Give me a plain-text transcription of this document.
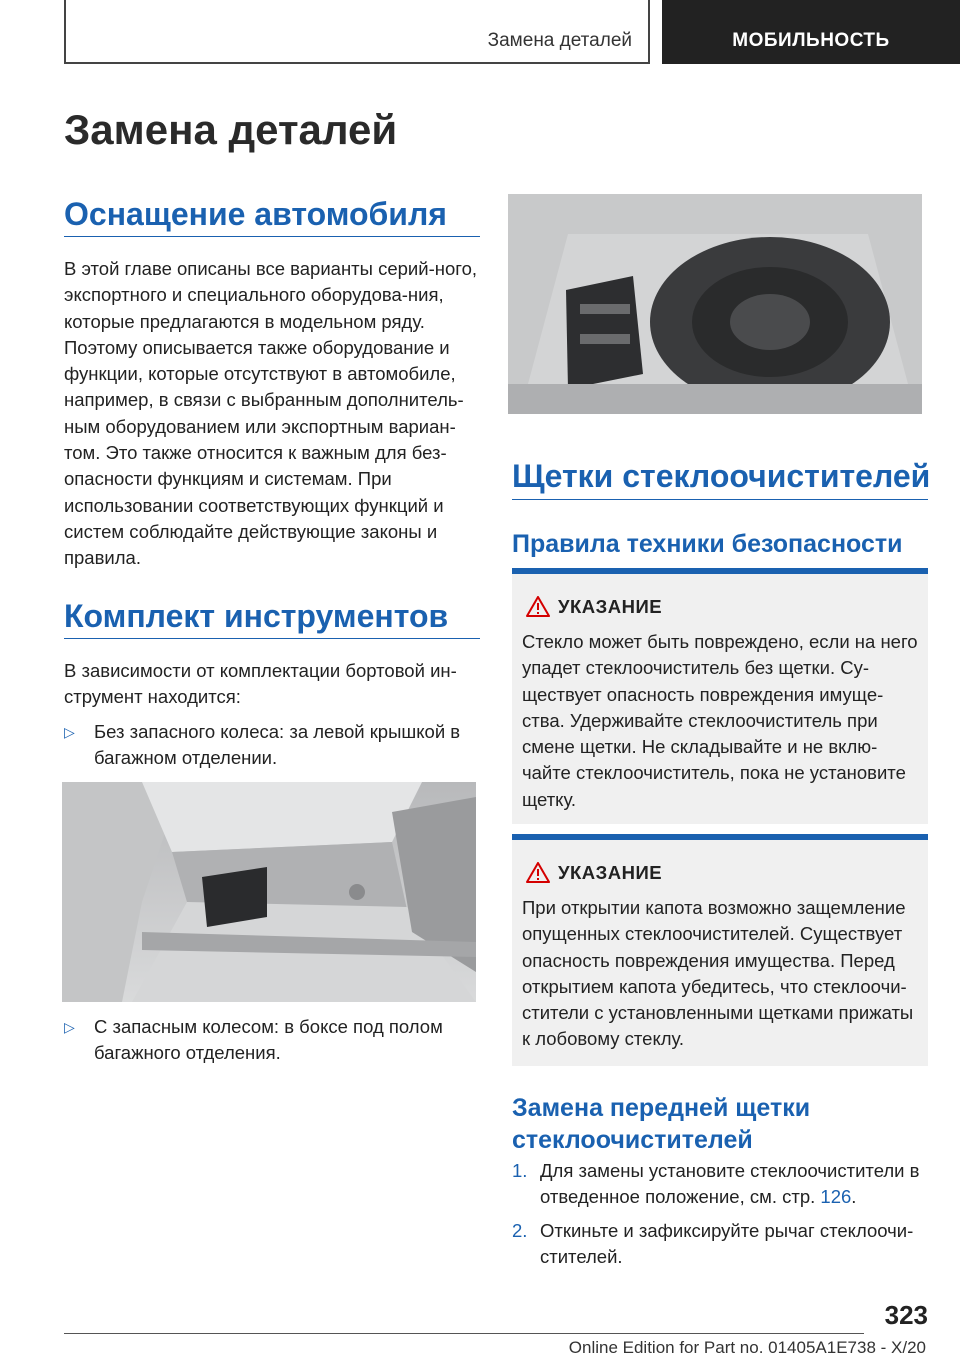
Замена деталей	МОБИЛЬНОСТЬ
Замена деталей
Оснащение автомобиля
В этой главе описаны все варианты серий-ного, экспортного и специального оборудова-ния, которые предлагаются в модельном ряду. Поэтому описывается также оборудование и функции, которые отсутствуют в автомобиле, например, в связи с выбранным дополнитель-ным оборудованием или экспортным вариан-том. Это также относится к важным для без-опасности функциям и системам. При использовании соответствующих функций и систем соблюдайте действующие законы и правила.
Комплект инструментов
В зависимости от комплектации бортовой ин-струмент находится:
▷ Без запасного колеса: за левой крышкой в багажном отделении.
▷ С запасным колесом: в боксе под полом багажного отделения.
Щетки стеклоочистителей
Правила техники безопасности
УКАЗАНИЕ
Стекло может быть повреждено, если на него упадет стеклоочиститель без щетки. Су-ществует опасность повреждения имуще-ства. Удерживайте стеклоочиститель при смене щетки. Не складывайте и не вклю-чайте стеклоочиститель, пока не установите щетку.
УКАЗАНИЕ
При открытии капота возможно защемление опущенных стеклоочистителей. Существует опасность повреждения имущества. Перед открытием капота убедитесь, что стеклоочи-стители с установленными щетками прижаты к лобовому стеклу.
Замена передней щетки стеклоочистителей
1. Для замены установите стеклоочистители в отведенное положение, см. стр. 126.
2. Откиньте и зафиксируйте рычаг стеклоочи-стителей.
323
Online Edition for Part no. 01405A1E738 - X/20
